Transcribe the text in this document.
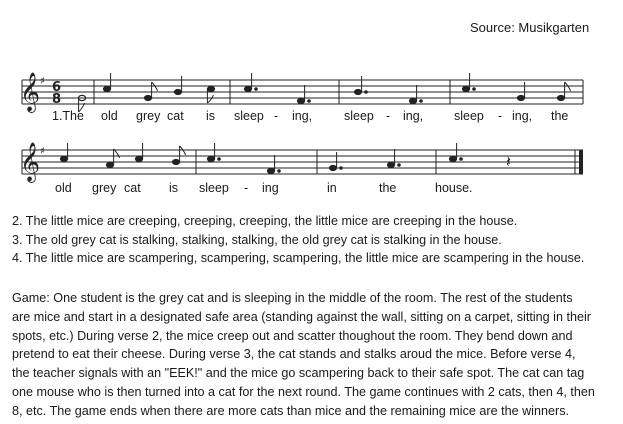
Source: Musikgarten
𝄞
𝄞
♯
♯
6
8
𝄽
1.The old grey cat is sleep - ing,	sleep - ing, sleep - ing, the
old grey cat is sleep - ing	in	the	house.

2. The little mice are creeping, creeping, creeping, the little mice are creeping in the house.

3. The old grey cat is stalking, stalking, stalking, the old grey cat is stalking in the house.

4. The little mice are scampering, scampering, scampering, the little mice are scampering in the house.

Game: One student is the grey cat and is sleeping in the middle of the room. The rest of the students
are mice and start in a designated safe area (standing against the wall, sitting on a carpet, sitting in their
spots, etc.) During verse 2, the mice creep out and scatter thoughout the room. They bend down and
pretend to eat their cheese. During verse 3, the cat stands and stalks aroud the mice. Before verse 4,
the teacher signals with an "EEK!" and the mice go scampering back to their safe spot. The cat can tag
one mouse who is then turned into a cat for the next round. The game continues with 2 cats, then 4, then
8, etc. The game ends when there are more cats than mice and the remaining mice are the winners.
